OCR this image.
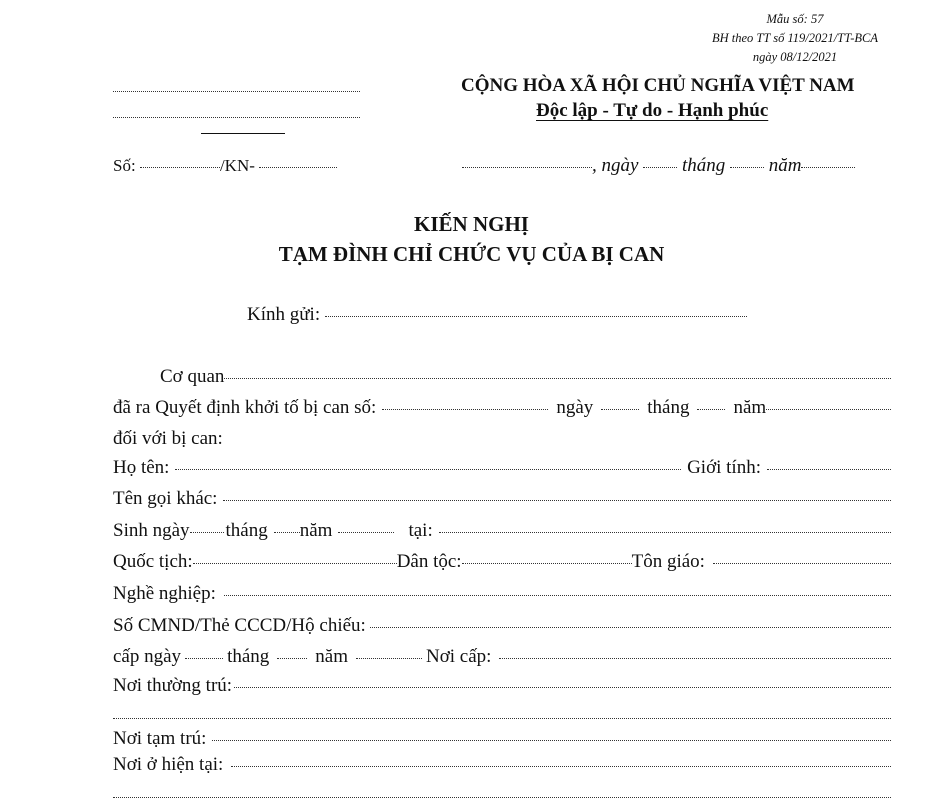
Mẫu số: 57
BH theo TT số 119/2021/TT-BCA
ngày 08/12/2021
CỘNG HÒA XÃ HỘI CHỦ NGHĨA VIỆT NAM
Độc lập - Tự do - Hạnh phúc
Số:	/KN-	, ngày tháng năm
KIẾN NGHỊ
TẠM ĐÌNH CHỈ CHỨC VỤ CỦA BỊ CAN
Kính gửi:
Cơ quan
đã ra Quyết định khởi tố bị can số:	ngày	tháng năm
đối với bị can:
Họ tên:	Giới tính:
Tên gọi khác:
Sinh ngày tháng năm	tại:
Quốc tịch:	Dân tộc:	Tôn giáo:
Nghề nghiệp:
Số CMND/Thẻ CCCD/Hộ chiếu:
cấp ngày tháng năm	Nơi cấp:
Nơi thường trú:
Nơi tạm trú:
Nơi ở hiện tại:
